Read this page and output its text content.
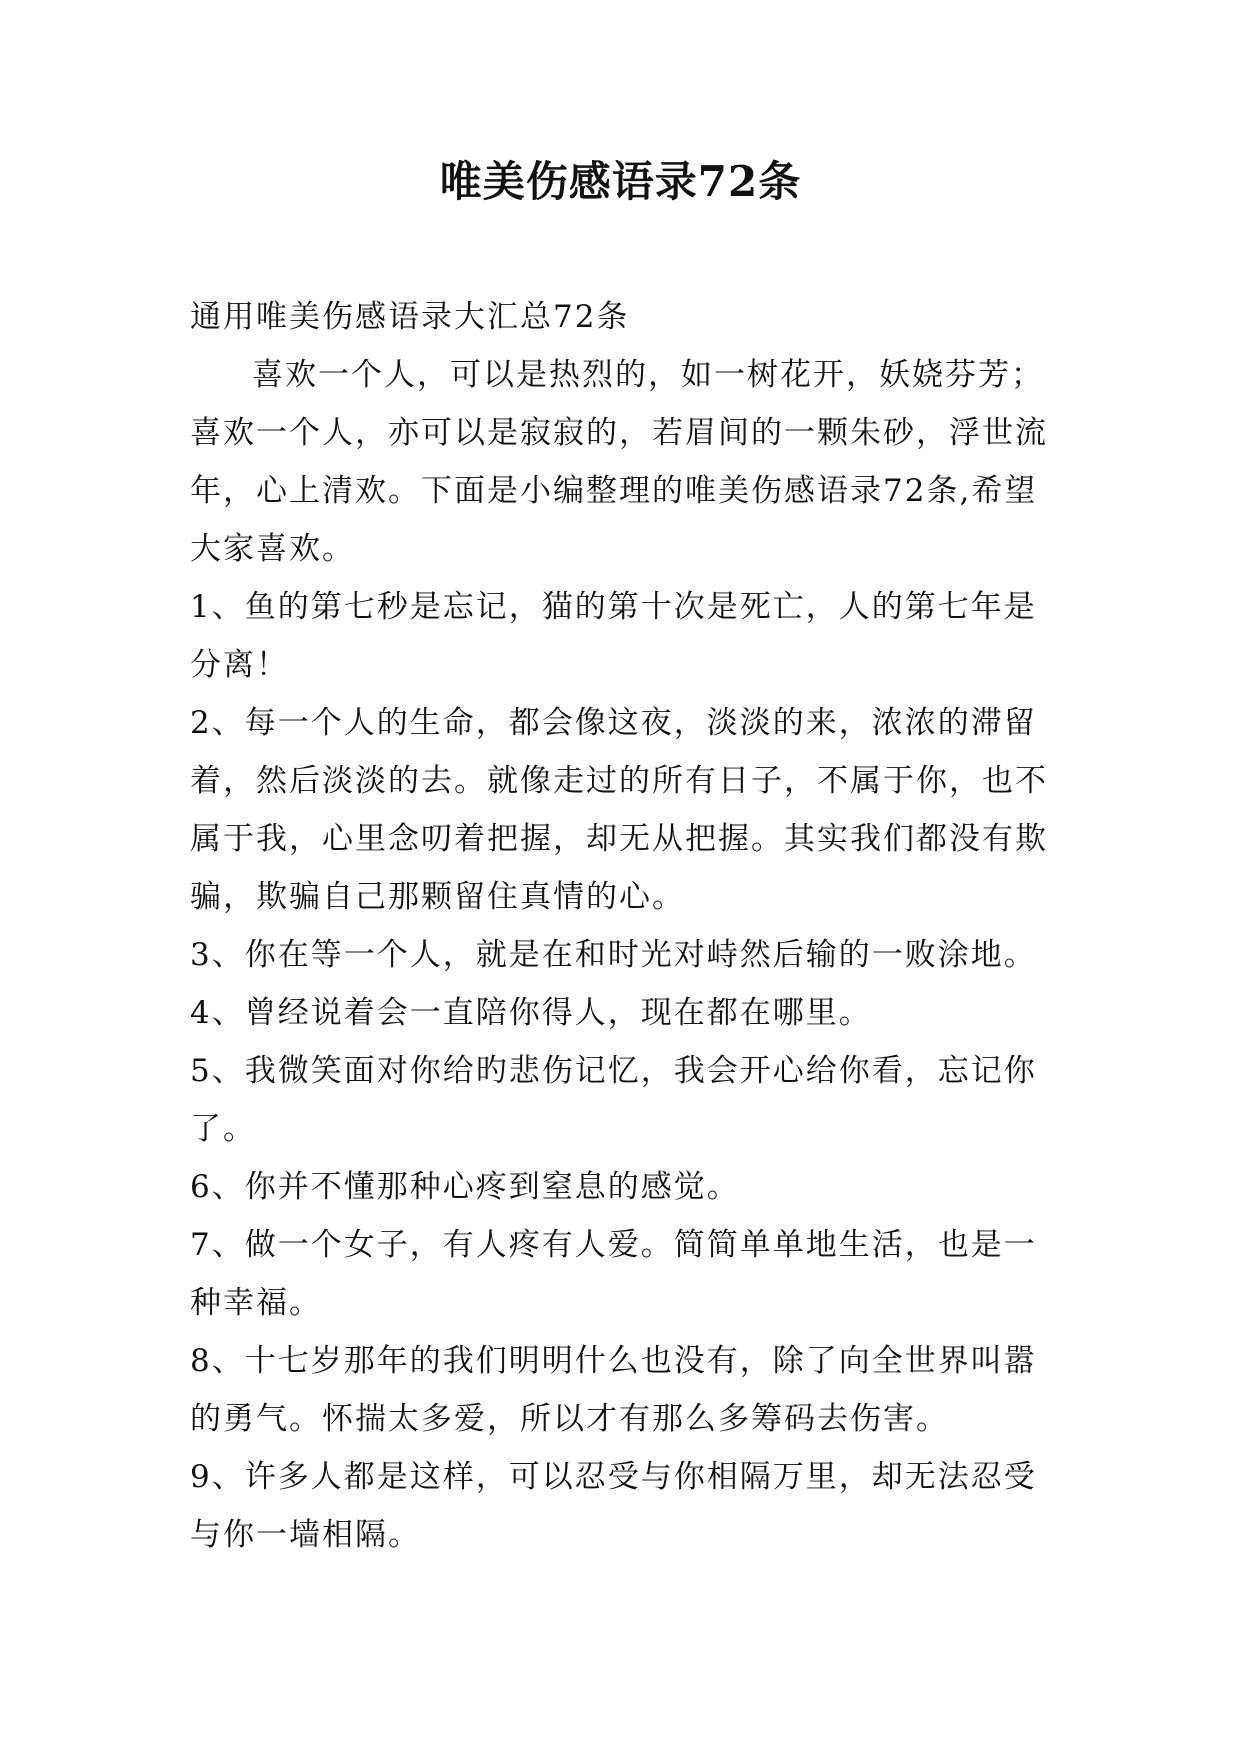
唯美伤感语录72条

通用唯美伤感语录大汇总72条

喜欢一个人，可以是热烈的，如一树花开，妖娆芬芳；喜欢一个人，亦可以是寂寂的，若眉间的一颗朱砂，浮世流年，心上清欢。下面是小编整理的唯美伤感语录72条,希望大家喜欢。

1、鱼的第七秒是忘记，猫的第十次是死亡，人的第七年是分离！

2、每一个人的生命，都会像这夜，淡淡的来，浓浓的滞留着，然后淡淡的去。就像走过的所有日子，不属于你，也不属于我，心里念叨着把握，却无从把握。其实我们都没有欺骗，欺骗自己那颗留住真情的心。

3、你在等一个人，就是在和时光对峙然后输的一败涂地。

4、曾经说着会一直陪你得人，现在都在哪里。

5、我微笑面对你给旳悲伤记忆，我会开心给你看，忘记你了。

6、你并不懂那种心疼到窒息的感觉。

7、做一个女子，有人疼有人爱。简简单单地生活，也是一种幸福。

8、十七岁那年的我们明明什么也没有，除了向全世界叫嚣的勇气。怀揣太多爱，所以才有那么多筹码去伤害。

9、许多人都是这样，可以忍受与你相隔万里，却无法忍受与你一墙相隔。
